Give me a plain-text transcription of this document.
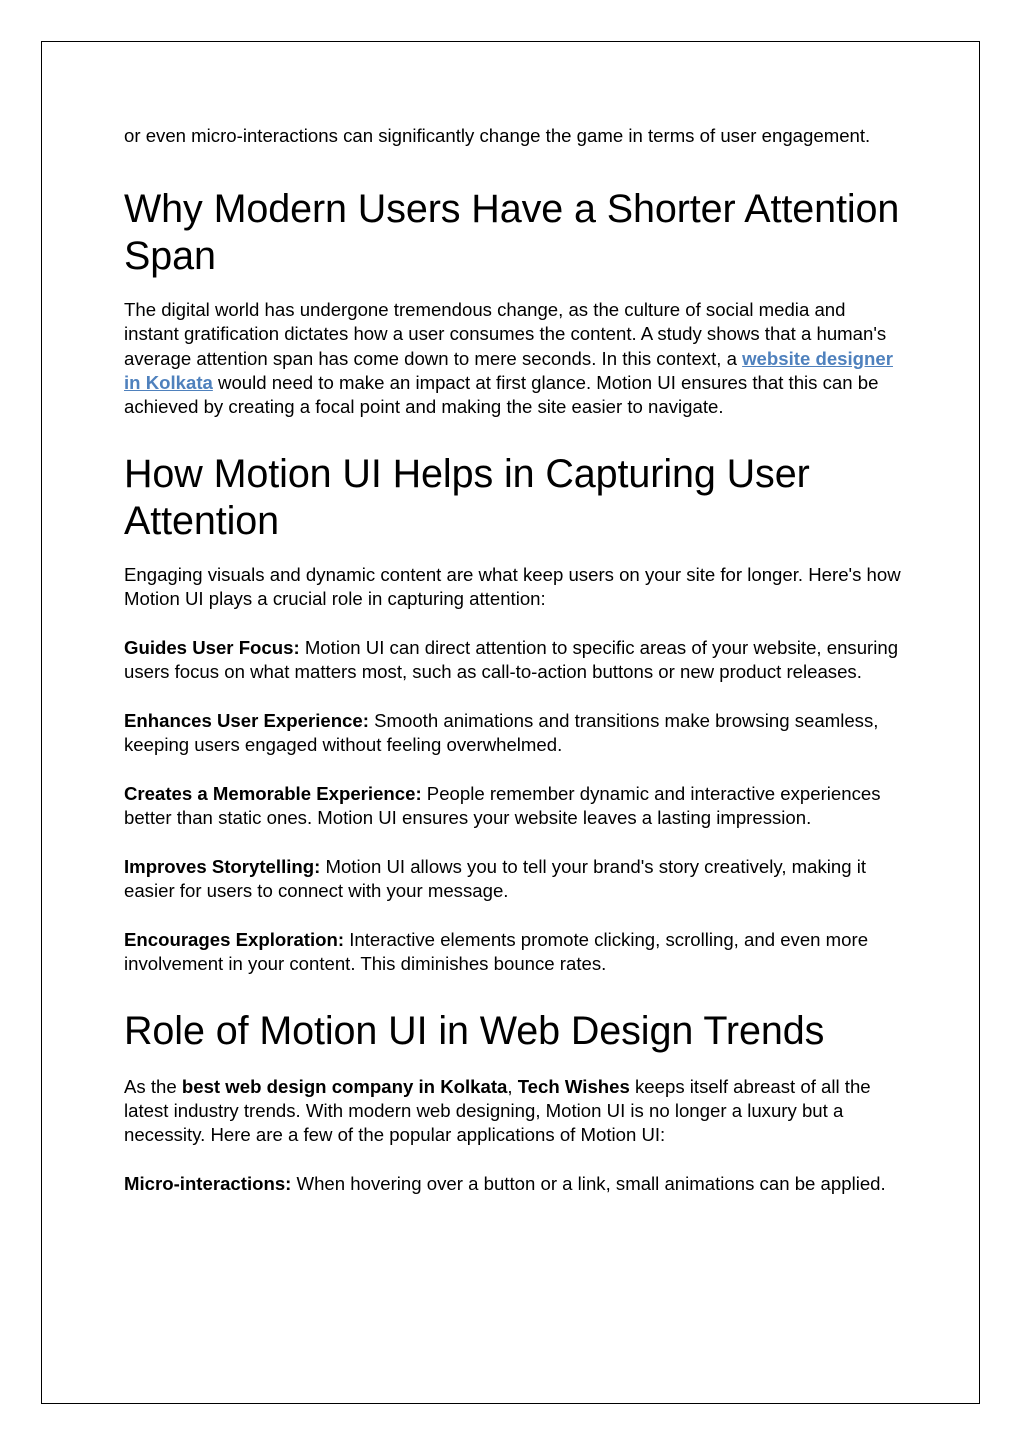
or even micro-interactions can significantly change the game in terms of user engagement.

Why Modern Users Have a Shorter Attention Span

The digital world has undergone tremendous change, as the culture of social media and instant gratification dictates how a user consumes the content. A study shows that a human's average attention span has come down to mere seconds. In this context, a website designer in Kolkata would need to make an impact at first glance. Motion UI ensures that this can be achieved by creating a focal point and making the site easier to navigate.

How Motion UI Helps in Capturing User Attention

Engaging visuals and dynamic content are what keep users on your site for longer. Here's how Motion UI plays a crucial role in capturing attention:

Guides User Focus: Motion UI can direct attention to specific areas of your website, ensuring users focus on what matters most, such as call-to-action buttons or new product releases.

Enhances User Experience: Smooth animations and transitions make browsing seamless, keeping users engaged without feeling overwhelmed.

Creates a Memorable Experience: People remember dynamic and interactive experiences better than static ones. Motion UI ensures your website leaves a lasting impression.

Improves Storytelling: Motion UI allows you to tell your brand's story creatively, making it easier for users to connect with your message.

Encourages Exploration: Interactive elements promote clicking, scrolling, and even more involvement in your content. This diminishes bounce rates.

Role of Motion UI in Web Design Trends

As the best web design company in Kolkata, Tech Wishes keeps itself abreast of all the latest industry trends. With modern web designing, Motion UI is no longer a luxury but a necessity. Here are a few of the popular applications of Motion UI:

Micro-interactions: When hovering over a button or a link, small animations can be applied.
